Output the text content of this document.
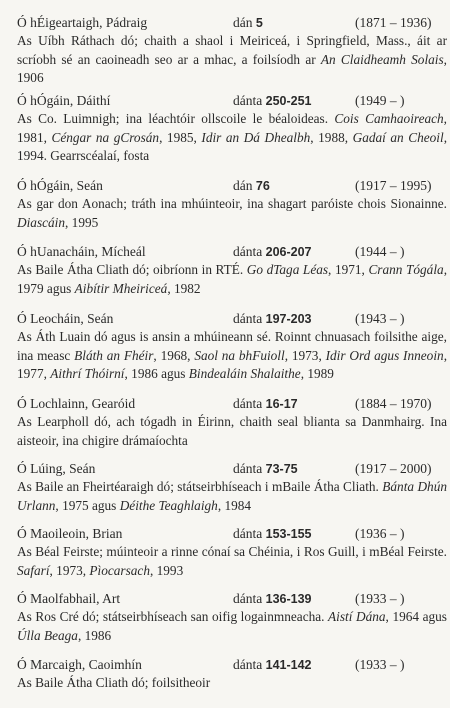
Ó hÉigeartaigh, Pádraig	dán 5	(1871 – 1936)
As Uíbh Ráthach dó; chaith a shaol i Meiriceá, i Springfield, Mass., áit ar scríobh sé an caoineadh seo ar a mhac, a foilsíodh ar An Claidheamh Solais, 1906
Ó hÓgáin, Dáithí	dánta 250-251	(1949 – )
As Co. Luimnigh; ina léachtóir ollscoile le béaloideas. Cois Camhaoireach, 1981, Céngar na gCrosán, 1985, Idir an Dá Dhealbh, 1988, Gadaí an Cheoil, 1994. Gearrscéalaí, fosta
Ó hÓgáin, Seán	dán 76	(1917 – 1995)
As gar don Aonach; tráth ina mhúinteoir, ina shagart paróiste chois Sionainne. Diascáin, 1995
Ó hUanacháin, Mícheál	dánta 206-207	(1944 – )
As Baile Átha Cliath dó; oibríonn in RTÉ. Go dTaga Léas, 1971, Crann Tógála, 1979 agus Aibítir Mheiriceá, 1982
Ó Leocháin, Seán	dánta 197-203	(1943 – )
As Áth Luain dó agus is ansin a mhúineann sé. Roinnt chnuasach foilsithe aige, ina measc Bláth an Fhéir, 1968, Saol na bhFuioll, 1973, Idir Ord agus Inneoin, 1977, Aithrí Thóirní, 1986 agus Bindealáin Shalaithe, 1989
Ó Lochlainn, Gearóid	dánta 16-17	(1884 – 1970)
As Learpholl dó, ach tógadh in Éirinn, chaith seal blianta sa Danmhairg. Ina aisteoir, ina chigire drámaíochta
Ó Lúing, Seán	dánta 73-75	(1917 – 2000)
As Baile an Fheirtéaraigh dó; státseirbhíseach i mBaile Átha Cliath. Bánta Dhún Urlann, 1975 agus Déithe Teaghlaigh, 1984
Ó Maoileoin, Brian	dánta 153-155	(1936 – )
As Béal Feirste; múinteoir a rinne cónaí sa Chéinia, i Ros Guill, i mBéal Feirste. Safarí, 1973, Pìocarsach, 1993
Ó Maolfabhail, Art	dánta 136-139	(1933 – )
As Ros Cré dó; státseirbhíseach san oifig logainmneacha. Aistí Dána, 1964 agus Úlla Beaga, 1986
Ó Marcaigh, Caoimhín	dánta 141-142	(1933 – )
As Baile Átha Cliath dó; foilsitheoir
